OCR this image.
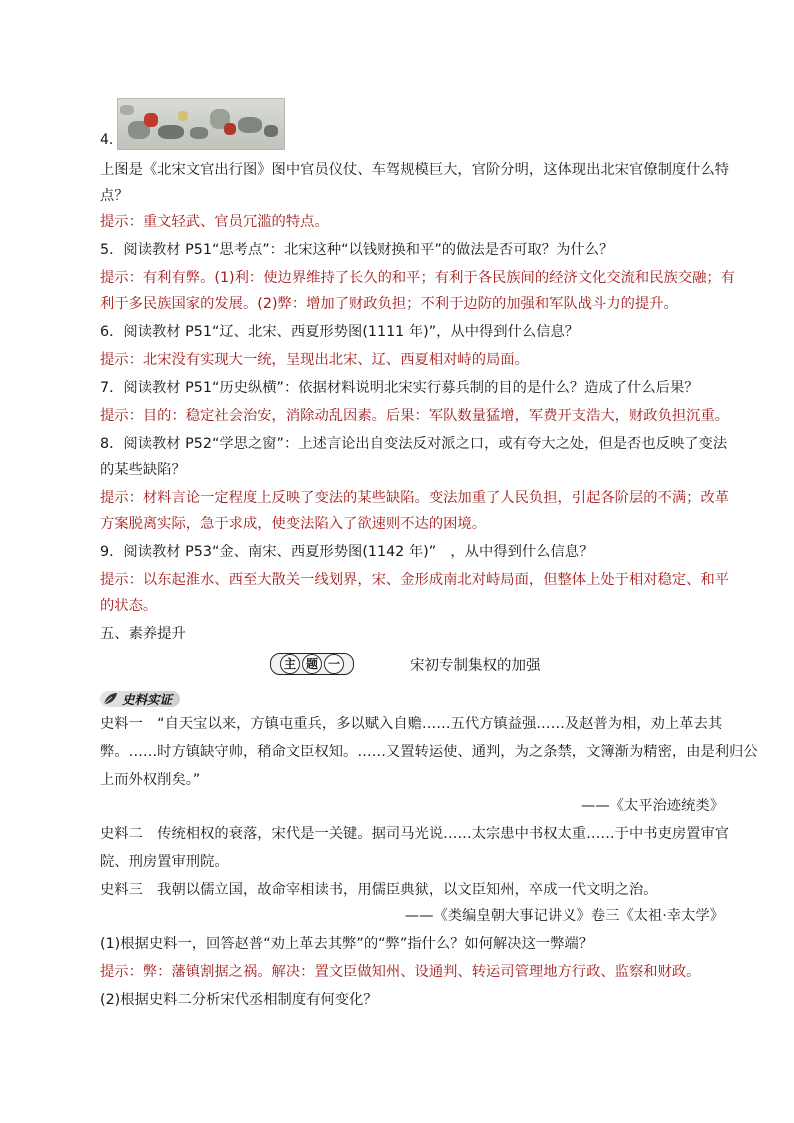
4.
上图是《北宋文官出行图》图中官员仪仗、车驾规模巨大，官阶分明，这体现出北宋官僚制度什么特
点？
提示：重文轻武、官员冗滥的特点。
5．阅读教材 P51“思考点”：北宋这种“以钱财换和平”的做法是否可取？为什么？
提示：有利有弊。(1)利：使边界维持了长久的和平；有利于各民族间的经济文化交流和民族交融；有
利于多民族国家的发展。(2)弊：增加了财政负担；不利于边防的加强和军队战斗力的提升。
6．阅读教材 P51“辽、北宋、西夏形势图(1111 年)”，从中得到什么信息？
提示：北宋没有实现大一统，呈现出北宋、辽、西夏相对峙的局面。
7．阅读教材 P51“历史纵横”：依据材料说明北宋实行募兵制的目的是什么？造成了什么后果？
提示：目的：稳定社会治安，消除动乱因素。后果：军队数量猛增，军费开支浩大，财政负担沉重。
8．阅读教材 P52“学思之窗”：上述言论出自变法反对派之口，或有夸大之处，但是否也反映了变法
的某些缺陷？
提示：材料言论一定程度上反映了变法的某些缺陷。变法加重了人民负担，引起各阶层的不满；改革
方案脱离实际，急于求成，使变法陷入了欲速则不达的困境。
9．阅读教材 P53“金、南宋、西夏形势图(1142 年)”　，从中得到什么信息？
提示：以东起淮水、西至大散关一线划界，宋、金形成南北对峙局面，但整体上处于相对稳定、和平
的状态。
五、素养提升
主 题 一	宋初专制集权的加强
史料实证
史料一　“自天宝以来，方镇屯重兵，多以赋入自赡……五代方镇益强……及赵普为相，劝上革去其
弊。……时方镇缺守帅，稍命文臣权知。……又置转运使、通判，为之条禁，文簿渐为精密，由是利归公
上而外权削矣。”
——《太平治迹统类》
史料二　传统相权的衰落，宋代是一关键。据司马光说……太宗患中书权太重……于中书吏房置审官
院、刑房置审刑院。
史料三　我朝以儒立国，故命宰相读书，用儒臣典狱，以文臣知州，卒成一代文明之治。
——《类编皇朝大事记讲义》卷三《太祖·幸太学》
(1)根据史料一，回答赵普“劝上革去其弊”的“弊”指什么？如何解决这一弊端？
提示：弊：藩镇割据之祸。解决：置文臣做知州、设通判、转运司管理地方行政、监察和财政。
(2)根据史料二分析宋代丞相制度有何变化？
